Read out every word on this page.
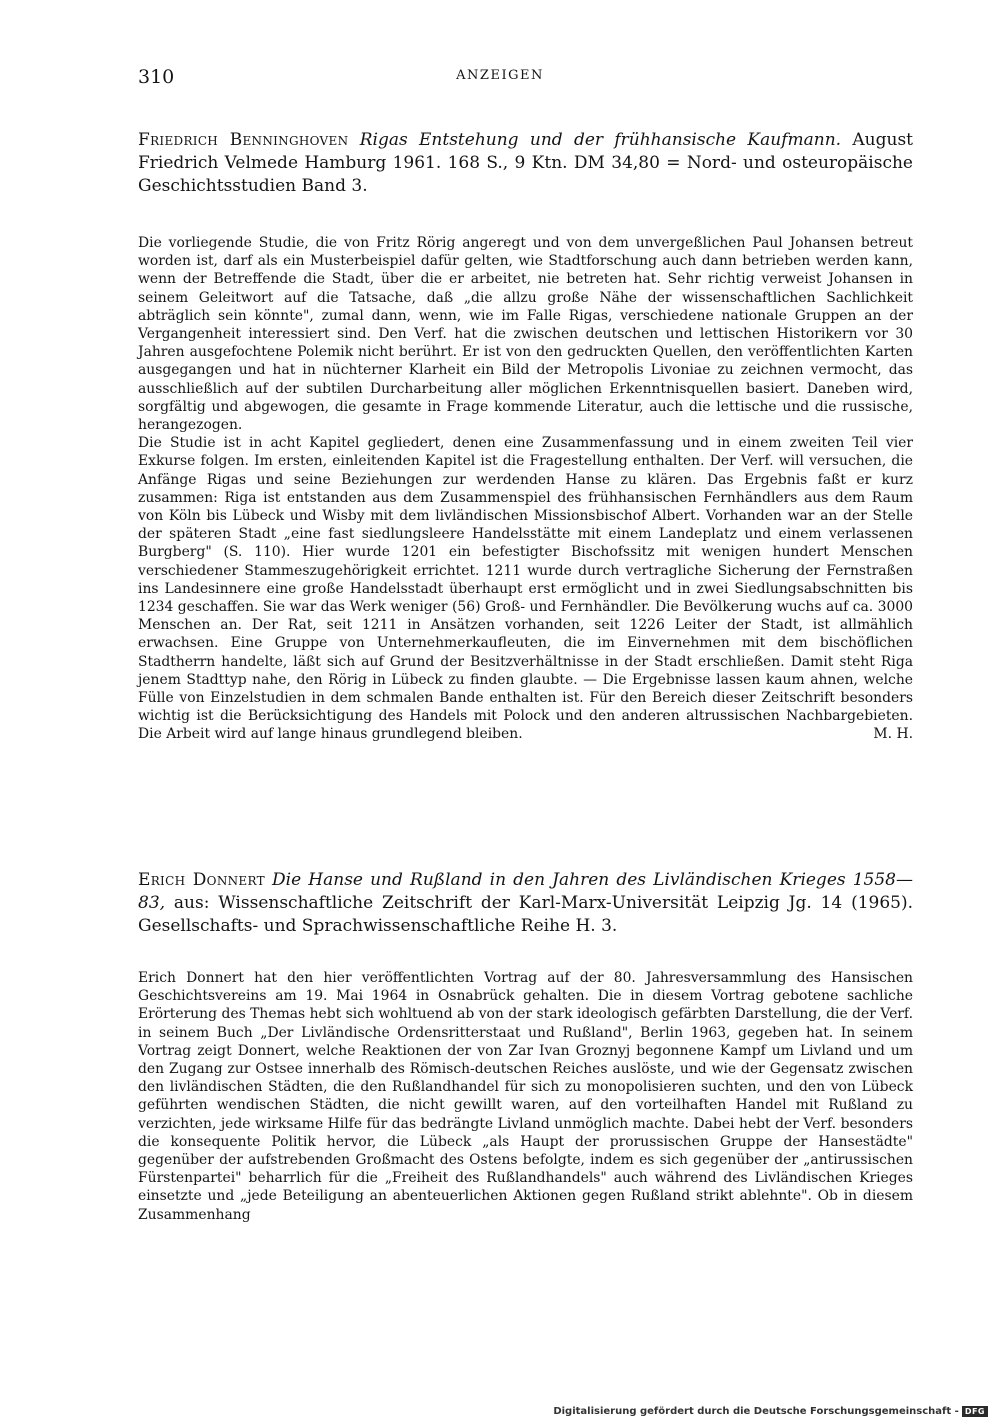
310	ANZEIGEN

Friedrich Benninghoven Rigas Entstehung und der frühhansische Kaufmann. August Friedrich Velmede Hamburg 1961. 168 S., 9 Ktn. DM 34,80 = Nord- und osteuropäische Geschichtsstudien Band 3.

Die vorliegende Studie, die von Fritz Rörig angeregt und von dem unvergeßlichen Paul Johansen betreut worden ist, darf als ein Musterbeispiel dafür gelten, wie Stadtforschung auch dann betrieben werden kann, wenn der Betreffende die Stadt, über die er arbeitet, nie betreten hat. Sehr richtig verweist Johansen in seinem Geleitwort auf die Tatsache, daß „die allzu große Nähe der wissenschaftlichen Sachlichkeit abträglich sein könnte", zumal dann, wenn, wie im Falle Rigas, verschiedene nationale Gruppen an der Vergangenheit interessiert sind. Den Verf. hat die zwischen deutschen und lettischen Historikern vor 30 Jahren ausgefochtene Polemik nicht berührt. Er ist von den gedruckten Quellen, den veröffentlichten Karten ausgegangen und hat in nüchterner Klarheit ein Bild der Metropolis Livoniae zu zeichnen vermocht, das ausschließlich auf der subtilen Durcharbeitung aller möglichen Erkenntnisquellen basiert. Daneben wird, sorgfältig und abgewogen, die gesamte in Frage kommende Literatur, auch die lettische und die russische, herangezogen.

Die Studie ist in acht Kapitel gegliedert, denen eine Zusammenfassung und in einem zweiten Teil vier Exkurse folgen. Im ersten, einleitenden Kapitel ist die Fragestellung enthalten. Der Verf. will versuchen, die Anfänge Rigas und seine Beziehungen zur werdenden Hanse zu klären. Das Ergebnis faßt er kurz zusammen: Riga ist entstanden aus dem Zusammenspiel des frühhansischen Fernhändlers aus dem Raum von Köln bis Lübeck und Wisby mit dem livländischen Missionsbischof Albert. Vorhanden war an der Stelle der späteren Stadt „eine fast siedlungsleere Handelsstätte mit einem Landeplatz und einem verlassenen Burgberg" (S. 110). Hier wurde 1201 ein befestigter Bischofssitz mit wenigen hundert Menschen verschiedener Stammeszugehörigkeit errichtet. 1211 wurde durch vertragliche Sicherung der Fernstraßen ins Landesinnere eine große Handelsstadt überhaupt erst ermöglicht und in zwei Siedlungsabschnitten bis 1234 geschaffen. Sie war das Werk weniger (56) Groß- und Fernhändler. Die Bevölkerung wuchs auf ca. 3000 Menschen an. Der Rat, seit 1211 in Ansätzen vorhanden, seit 1226 Leiter der Stadt, ist allmählich erwachsen. Eine Gruppe von Unternehmerkaufleuten, die im Einvernehmen mit dem bischöflichen Stadtherrn handelte, läßt sich auf Grund der Besitzverhältnisse in der Stadt erschließen. Damit steht Riga jenem Stadttyp nahe, den Rörig in Lübeck zu finden glaubte. — Die Ergebnisse lassen kaum ahnen, welche Fülle von Einzelstudien in dem schmalen Bande enthalten ist. Für den Bereich dieser Zeitschrift besonders wichtig ist die Berücksichtigung des Handels mit Polock und den anderen altrussischen Nachbargebieten. Die Arbeit wird auf lange hinaus grundlegend bleiben.	M. H.

Erich Donnert Die Hanse und Rußland in den Jahren des Livländischen Krieges 1558—83, aus: Wissenschaftliche Zeitschrift der Karl-Marx-Universität Leipzig Jg. 14 (1965). Gesellschafts- und Sprachwissenschaftliche Reihe H. 3.

Erich Donnert hat den hier veröffentlichten Vortrag auf der 80. Jahresversammlung des Hansischen Geschichtsvereins am 19. Mai 1964 in Osnabrück gehalten. Die in diesem Vortrag gebotene sachliche Erörterung des Themas hebt sich wohltuend ab von der stark ideologisch gefärbten Darstellung, die der Verf. in seinem Buch „Der Livländische Ordensritterstaat und Rußland", Berlin 1963, gegeben hat. In seinem Vortrag zeigt Donnert, welche Reaktionen der von Zar Ivan Groznyj begonnene Kampf um Livland und um den Zugang zur Ostsee innerhalb des Römisch-deutschen Reiches auslöste, und wie der Gegensatz zwischen den livländischen Städten, die den Rußlandhandel für sich zu monopolisieren suchten, und den von Lübeck geführten wendischen Städten, die nicht gewillt waren, auf den vorteilhaften Handel mit Rußland zu verzichten, jede wirksame Hilfe für das bedrängte Livland unmöglich machte. Dabei hebt der Verf. besonders die konsequente Politik hervor, die Lübeck „als Haupt der prorussischen Gruppe der Hansestädte" gegenüber der aufstrebenden Großmacht des Ostens befolgte, indem es sich gegenüber der „antirussischen Fürstenpartei" beharrlich für die „Freiheit des Rußlandhandels" auch während des Livländischen Krieges einsetzte und „jede Beteiligung an abenteuerlichen Aktionen gegen Rußland strikt ablehnte". Ob in diesem Zusammenhang

Digitalisierung gefördert durch die Deutsche Forschungsgemeinschaft - DFG
